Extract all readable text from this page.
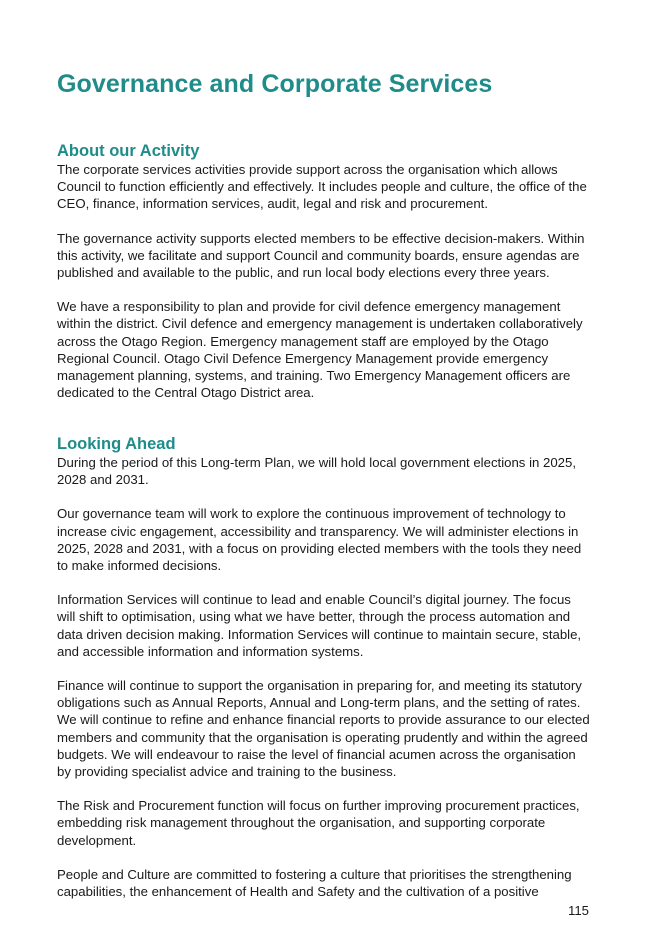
Governance and Corporate Services
About our Activity

The corporate services activities provide support across the organisation which allows Council to function efficiently and effectively. It includes people and culture, the office of the CEO, finance, information services, audit, legal and risk and procurement.

The governance activity supports elected members to be effective decision-makers. Within this activity, we facilitate and support Council and community boards, ensure agendas are published and available to the public, and run local body elections every three years.

We have a responsibility to plan and provide for civil defence emergency management within the district. Civil defence and emergency management is undertaken collaboratively across the Otago Region. Emergency management staff are employed by the Otago Regional Council. Otago Civil Defence Emergency Management provide emergency management planning, systems, and training. Two Emergency Management officers are dedicated to the Central Otago District area.

Looking Ahead

During the period of this Long-term Plan, we will hold local government elections in 2025, 2028 and 2031.

Our governance team will work to explore the continuous improvement of technology to increase civic engagement, accessibility and transparency. We will administer elections in 2025, 2028 and 2031, with a focus on providing elected members with the tools they need to make informed decisions.

Information Services will continue to lead and enable Council’s digital journey. The focus will shift to optimisation, using what we have better, through the process automation and data driven decision making. Information Services will continue to maintain secure, stable, and accessible information and information systems.

Finance will continue to support the organisation in preparing for, and meeting its statutory obligations such as Annual Reports, Annual and Long-term plans, and the setting of rates. We will continue to refine and enhance financial reports to provide assurance to our elected members and community that the organisation is operating prudently and within the agreed budgets. We will endeavour to raise the level of financial acumen across the organisation by providing specialist advice and training to the business.

The Risk and Procurement function will focus on further improving procurement practices, embedding risk management throughout the organisation, and supporting corporate development.

People and Culture are committed to fostering a culture that prioritises the strengthening capabilities, the enhancement of Health and Safety and the cultivation of a positive

115
